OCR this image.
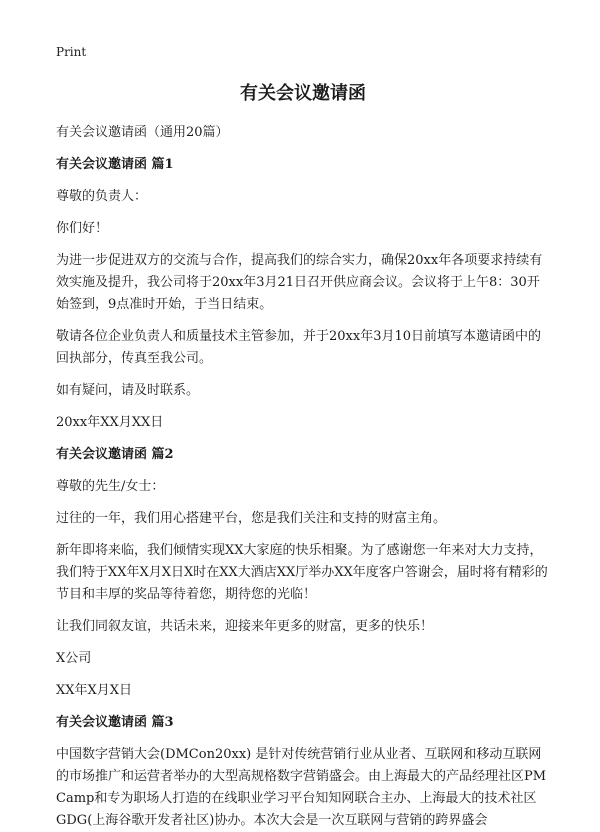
Print
有关会议邀请函

有关会议邀请函（通用20篇）

有关会议邀请函 篇1

尊敬的负责人：

你们好！

为进一步促进双方的交流与合作，提高我们的综合实力，确保20xx年各项要求持续有效实施及提升，我公司将于20xx年3月21日召开供应商会议。会议将于上午8：30开始签到，9点准时开始，于当日结束。

敬请各位企业负责人和质量技术主管参加，并于20xx年3月10日前填写本邀请函中的回执部分，传真至我公司。

如有疑问，请及时联系。

20xx年XX月XX日

有关会议邀请函 篇2

尊敬的先生/女士：

过往的一年，我们用心搭建平台，您是我们关注和支持的财富主角。

新年即将来临，我们倾情实现XX大家庭的快乐相聚。为了感谢您一年来对大力支持，我们特于XX年X月X日X时在XX大酒店XX厅举办XX年度客户答谢会，届时将有精彩的节目和丰厚的奖品等待着您，期待您的光临！

让我们同叙友谊，共话未来，迎接来年更多的财富，更多的快乐！

X公司

XX年X月X日

有关会议邀请函 篇3

中国数字营销大会(DMCon20xx) 是针对传统营销行业从业者、互联网和移动互联网的市场推广和运营者举办的大型高规格数字营销盛会。由上海最大的产品经理社区PM Camp和专为职场人打造的在线职业学习平台知知网联合主办、上海最大的技术社区GDG(上海谷歌开发者社区)协办。本次大会是一次互联网与营销的跨界盛会
